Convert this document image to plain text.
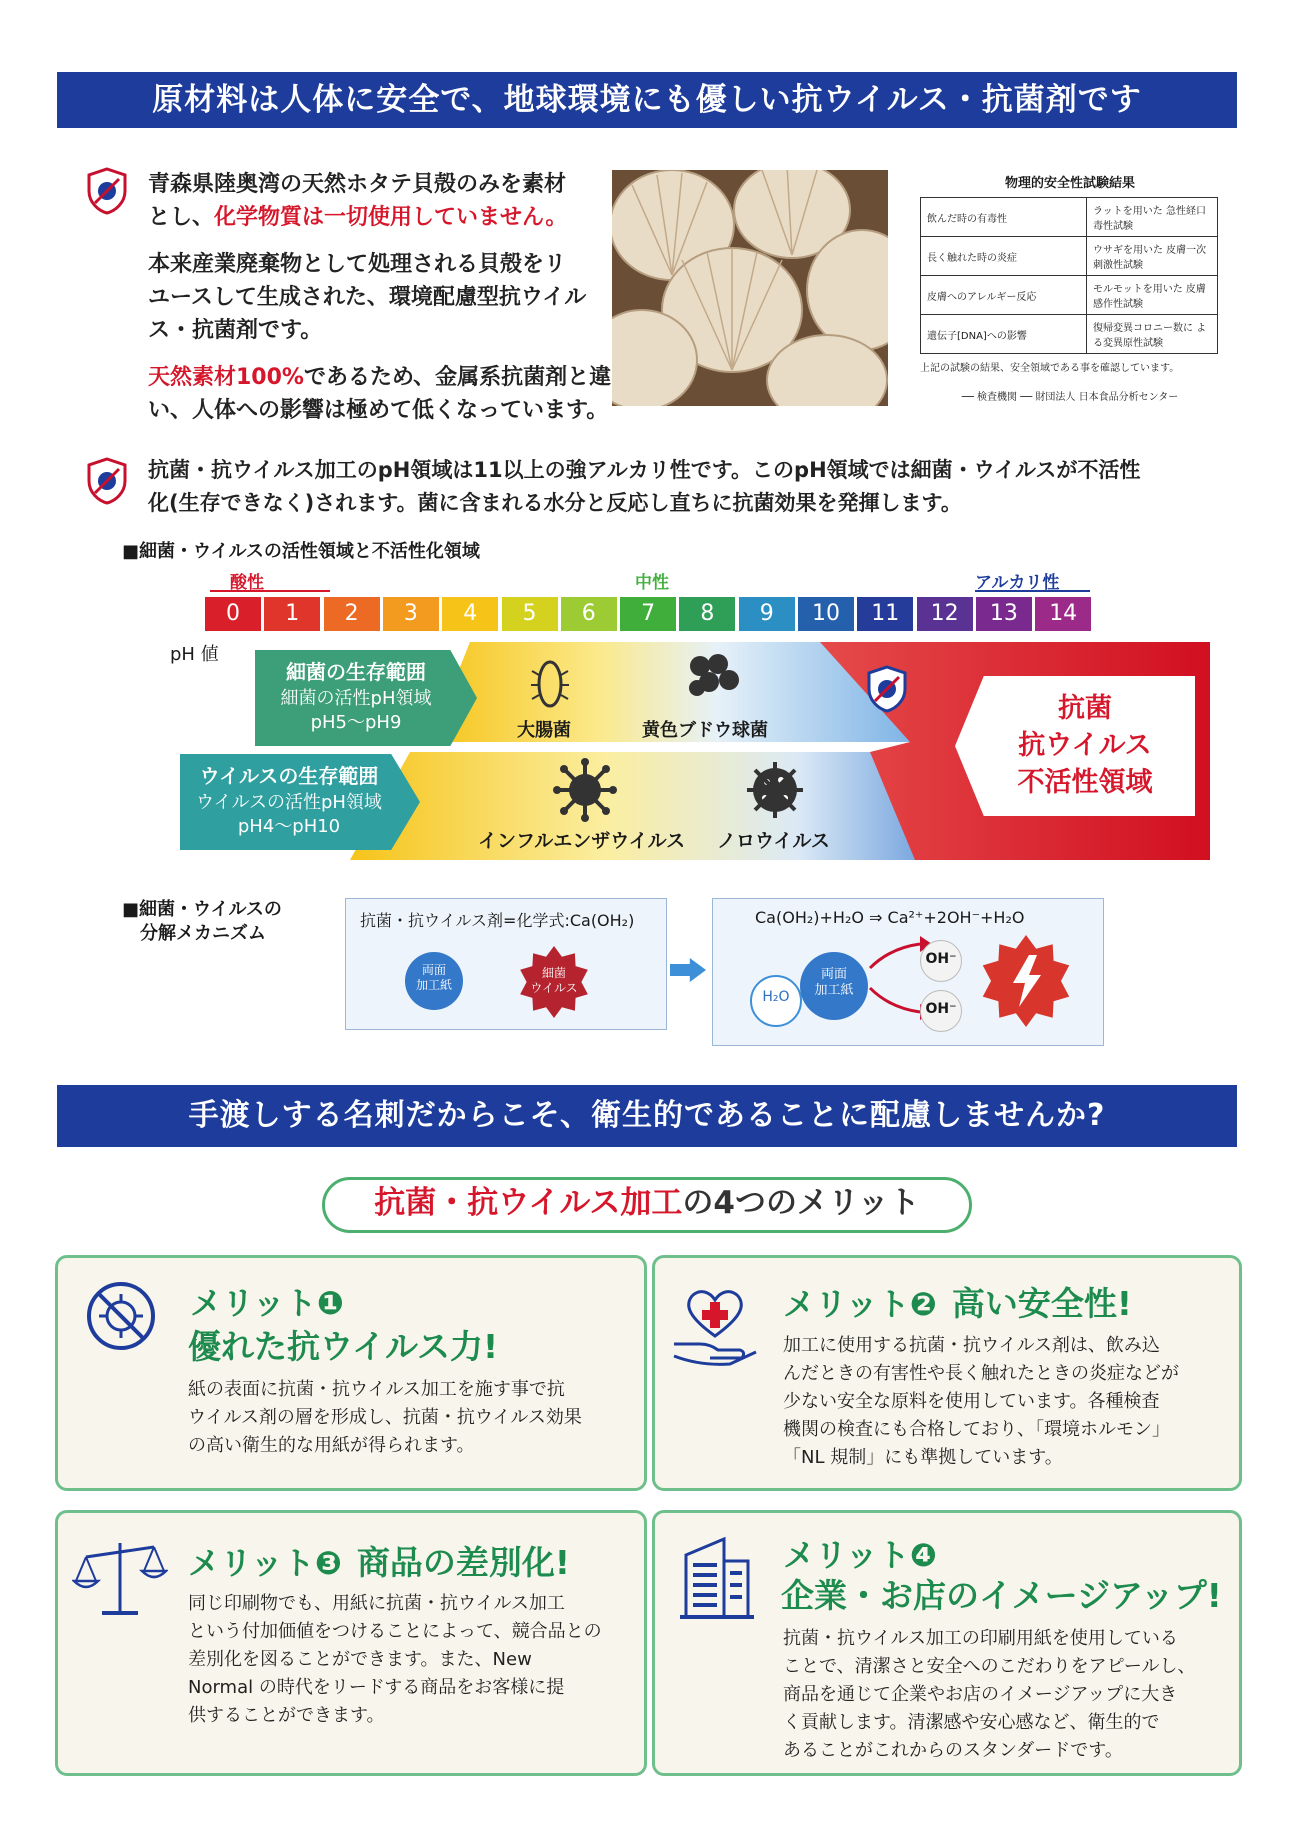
原材料は人体に安全で、地球環境にも優しい抗ウイルス・抗菌剤です
青森県陸奥湾の天然ホタテ貝殻のみを素材
とし、化学物質は一切使用していません。
本来産業廃棄物として処理される貝殻をリ
ユースして生成された、環境配慮型抗ウイル
ス・抗菌剤です。
天然素材100%であるため、金属系抗菌剤と違
い、人体への影響は極めて低くなっています。
物理的安全性試験結果
飲んだ時の有毒性	ラットを用いた 急性経口毒性試験
長く触れた時の炎症	ウサギを用いた 皮膚一次刺激性試験
皮膚へのアレルギー反応	モルモットを用いた 皮膚感作性試験
遺伝子[DNA]への影響	復帰変異コロニー数に よる変異原性試験
上記の試験の結果、安全領域である事を確認しています。
── 検査機関 ── 財団法人 日本食品分析センター
抗菌・抗ウイルス加工のpH領域は11以上の強アルカリ性です。このpH領域では細菌・ウイルスが不活性
化(生存できなく)されます。菌に含まれる水分と反応し直ちに抗菌効果を発揮します。
■細菌・ウイルスの活性領域と不活性化領域
酸性	中性	アルカリ性
0	1	2	3	4	5	6	7	8	9	10	11	12	13	14
pH 値
細菌の生存範囲
細菌の活性pH領域
pH5〜pH9
ウイルスの生存範囲
ウイルスの活性pH領域
pH4〜pH10
大腸菌	黄色ブドウ球菌
インフルエンザウイルス ノロウイルス
抗菌
抗ウイルス
不活性領域
■細菌・ウイルスの
分解メカニズム
抗菌・抗ウイルス剤=化学式:Ca(OH₂)
両面
加工紙
細菌
ウイルス
Ca(OH₂)+H₂O ⇒ Ca²⁺+2OH⁻+H₂O
H₂O
両面
加工紙
OH⁻
OH⁻
手渡しする名刺だからこそ、衛生的であることに配慮しませんか?
抗菌・抗ウイルス加工の4つのメリット
メリット❶
優れた抗ウイルス力!
紙の表面に抗菌・抗ウイルス加工を施す事で抗
ウイルス剤の層を形成し、抗菌・抗ウイルス効果
の高い衛生的な用紙が得られます。
メリット❷ 高い安全性!
加工に使用する抗菌・抗ウイルス剤は、飲み込
んだときの有害性や長く触れたときの炎症などが
少ない安全な原料を使用しています。各種検査
機関の検査にも合格しており、「環境ホルモン」
「NL 規制」にも準拠しています。
メリット❸ 商品の差別化!
同じ印刷物でも、用紙に抗菌・抗ウイルス加工
という付加価値をつけることによって、競合品との
差別化を図ることができます。また、New
Normal の時代をリードする商品をお客様に提
供することができます。
メリット❹
企業・お店のイメージアップ!
抗菌・抗ウイルス加工の印刷用紙を使用している
ことで、清潔さと安全へのこだわりをアピールし、
商品を通じて企業やお店のイメージアップに大き
く貢献します。清潔感や安心感など、衛生的で
あることがこれからのスタンダードです。
